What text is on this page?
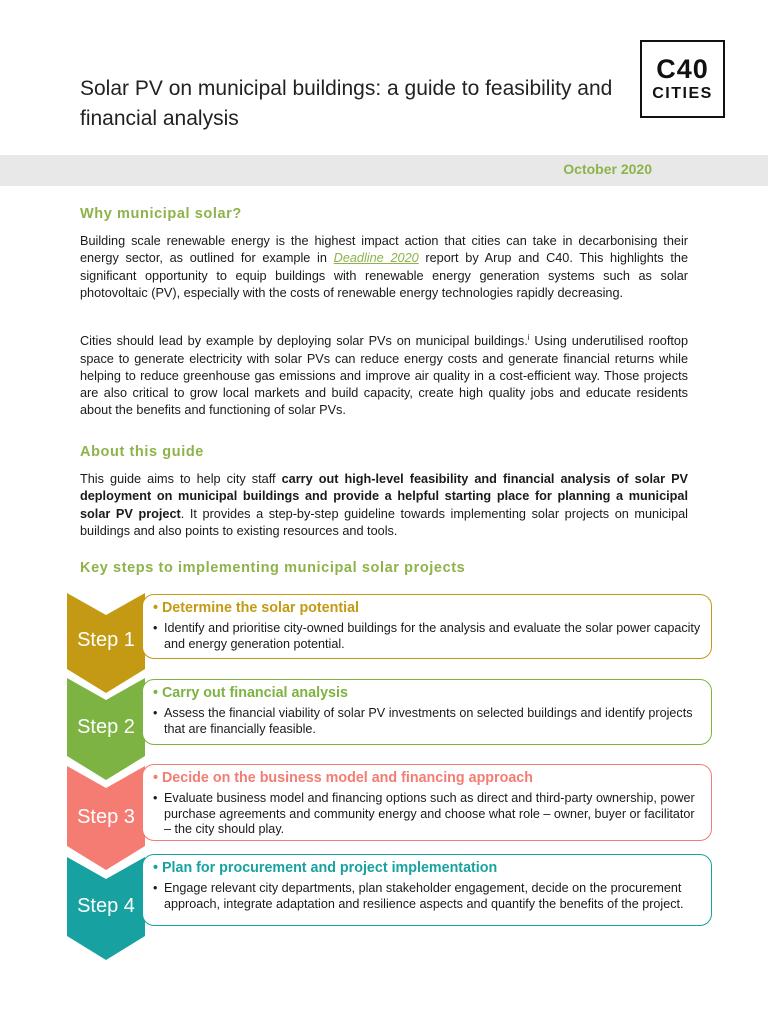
Solar PV on municipal buildings: a guide to feasibility and
financial analysis
C40
CITIES
October 2020
Why municipal solar?

Building scale renewable energy is the highest impact action that cities can take in decarbonising their energy sector, as outlined for example in Deadline 2020 report by Arup and C40. This highlights the significant opportunity to equip buildings with renewable energy generation systems such as solar photovoltaic (PV), especially with the costs of renewable energy technologies rapidly decreasing.

Cities should lead by example by deploying solar PVs on municipal buildings.$^i$ Using underutilised rooftop space to generate electricity with solar PVs can reduce energy costs and generate financial returns while helping to reduce greenhouse gas emissions and improve air quality in a cost-efficient way. Those projects are also critical to grow local markets and build capacity, create high quality jobs and educate residents about the benefits and functioning of solar PVs.

About this guide

This guide aims to help city staff carry out high-level feasibility and financial analysis of solar PV deployment on municipal buildings and provide a helpful starting place for planning a municipal solar PV project. It provides a step-by-step guideline towards implementing solar projects on municipal buildings and also points to existing resources and tools.

Key steps to implementing municipal solar projects
Step 1
• Determine the solar potential
• Identify and prioritise city-owned buildings for the analysis and evaluate the solar power capacity and energy generation potential.
Step 2
• Carry out financial analysis
• Assess the financial viability of solar PV investments on selected buildings and identify projects that are financially feasible.
Step 3
• Decide on the business model and financing approach
• Evaluate business model and financing options such as direct and third-party ownership, power purchase agreements and community energy and choose what role – owner, buyer or facilitator – the city should play.
Step 4
• Plan for procurement and project implementation
• Engage relevant city departments, plan stakeholder engagement, decide on the procurement approach, integrate adaptation and resilience aspects and quantify the benefits of the project.
